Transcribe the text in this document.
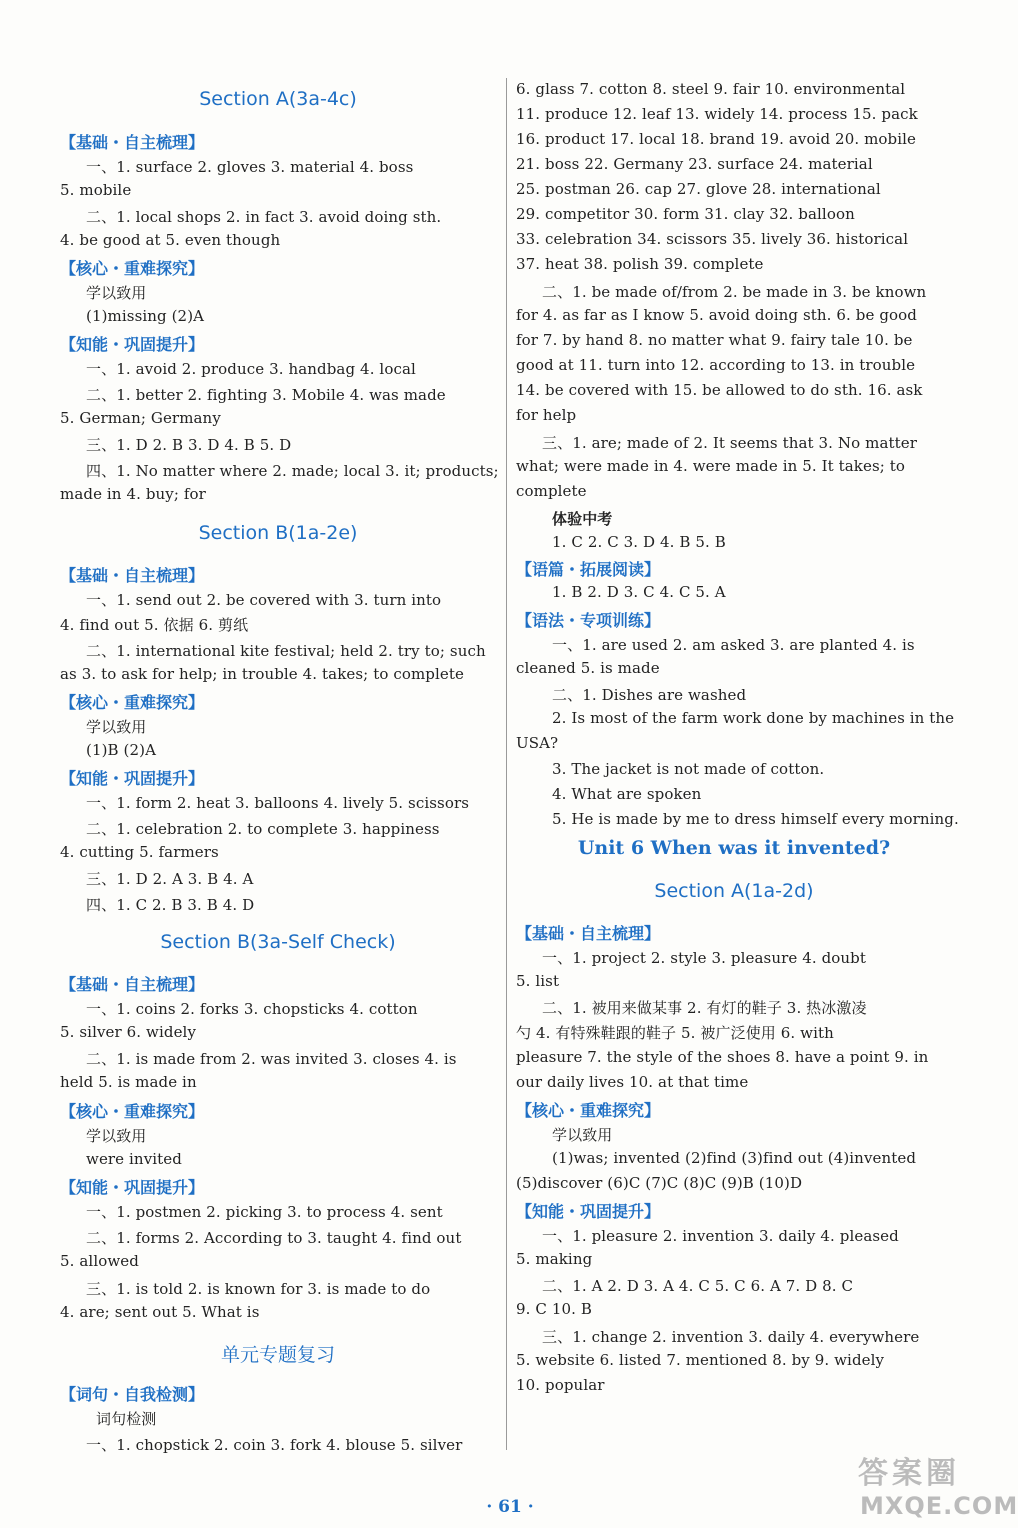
Section A(3a-4c)
【基础・自主梳理】
一、1. surface 2. gloves 3. material 4. boss
5. mobile
二、1. local shops 2. in fact 3. avoid doing sth.
4. be good at 5. even though
【核心・重难探究】
学以致用
(1)missing (2)A
【知能・巩固提升】
一、1. avoid 2. produce 3. handbag 4. local
二、1. better 2. fighting 3. Mobile 4. was made
5. German; Germany
三、1. D 2. B 3. D 4. B 5. D
四、1. No matter where 2. made; local 3. it; products;
made in 4. buy; for
Section B(1a-2e)
【基础・自主梳理】
一、1. send out 2. be covered with 3. turn into
4. find out 5. 依据 6. 剪纸
二、1. international kite festival; held 2. try to; such
as 3. to ask for help; in trouble 4. takes; to complete
【核心・重难探究】
学以致用
(1)B (2)A
【知能・巩固提升】
一、1. form 2. heat 3. balloons 4. lively 5. scissors
二、1. celebration 2. to complete 3. happiness
4. cutting 5. farmers
三、1. D 2. A 3. B 4. A
四、1. C 2. B 3. B 4. D
Section B(3a-Self Check)
【基础・自主梳理】
一、1. coins 2. forks 3. chopsticks 4. cotton
5. silver 6. widely
二、1. is made from 2. was invited 3. closes 4. is
held 5. is made in
【核心・重难探究】
学以致用
were invited
【知能・巩固提升】
一、1. postmen 2. picking 3. to process 4. sent
二、1. forms 2. According to 3. taught 4. find out
5. allowed
三、1. is told 2. is known for 3. is made to do
4. are; sent out 5. What is
单元专题复习
【词句・自我检测】
词句检测
一、1. chopstick 2. coin 3. fork 4. blouse 5. silver
6. glass 7. cotton 8. steel 9. fair 10. environmental
11. produce 12. leaf 13. widely 14. process 15. pack
16. product 17. local 18. brand 19. avoid 20. mobile
21. boss 22. Germany 23. surface 24. material
25. postman 26. cap 27. glove 28. international
29. competitor 30. form 31. clay 32. balloon
33. celebration 34. scissors 35. lively 36. historical
37. heat 38. polish 39. complete
二、1. be made of/from 2. be made in 3. be known
for 4. as far as I know 5. avoid doing sth. 6. be good
for 7. by hand 8. no matter what 9. fairy tale 10. be
good at 11. turn into 12. according to 13. in trouble
14. be covered with 15. be allowed to do sth. 16. ask
for help
三、1. are; made of 2. It seems that 3. No matter
what; were made in 4. were made in 5. It takes; to
complete
体验中考
1. C 2. C 3. D 4. B 5. B
【语篇・拓展阅读】
1. B 2. D 3. C 4. C 5. A
【语法・专项训练】
一、1. are used 2. am asked 3. are planted 4. is
cleaned 5. is made
二、1. Dishes are washed
2. Is most of the farm work done by machines in the
USA?
3. The jacket is not made of cotton.
4. What are spoken
5. He is made by me to dress himself every morning.
Unit 6 When was it invented?
Section A(1a-2d)
【基础・自主梳理】
一、1. project 2. style 3. pleasure 4. doubt
5. list
二、1. 被用来做某事 2. 有灯的鞋子 3. 热冰激凌
勺 4. 有特殊鞋跟的鞋子 5. 被广泛使用 6. with
pleasure 7. the style of the shoes 8. have a point 9. in
our daily lives 10. at that time
【核心・重难探究】
学以致用
(1)was; invented (2)find (3)find out (4)invented
(5)discover (6)C (7)C (8)C (9)B (10)D
【知能・巩固提升】
一、1. pleasure 2. invention 3. daily 4. pleased
5. making
二、1. A 2. D 3. A 4. C 5. C 6. A 7. D 8. C
9. C 10. B
三、1. change 2. invention 3. daily 4. everywhere
5. website 6. listed 7. mentioned 8. by 9. widely
10. popular
· 61 ·
答案圈
MXQE.COM
